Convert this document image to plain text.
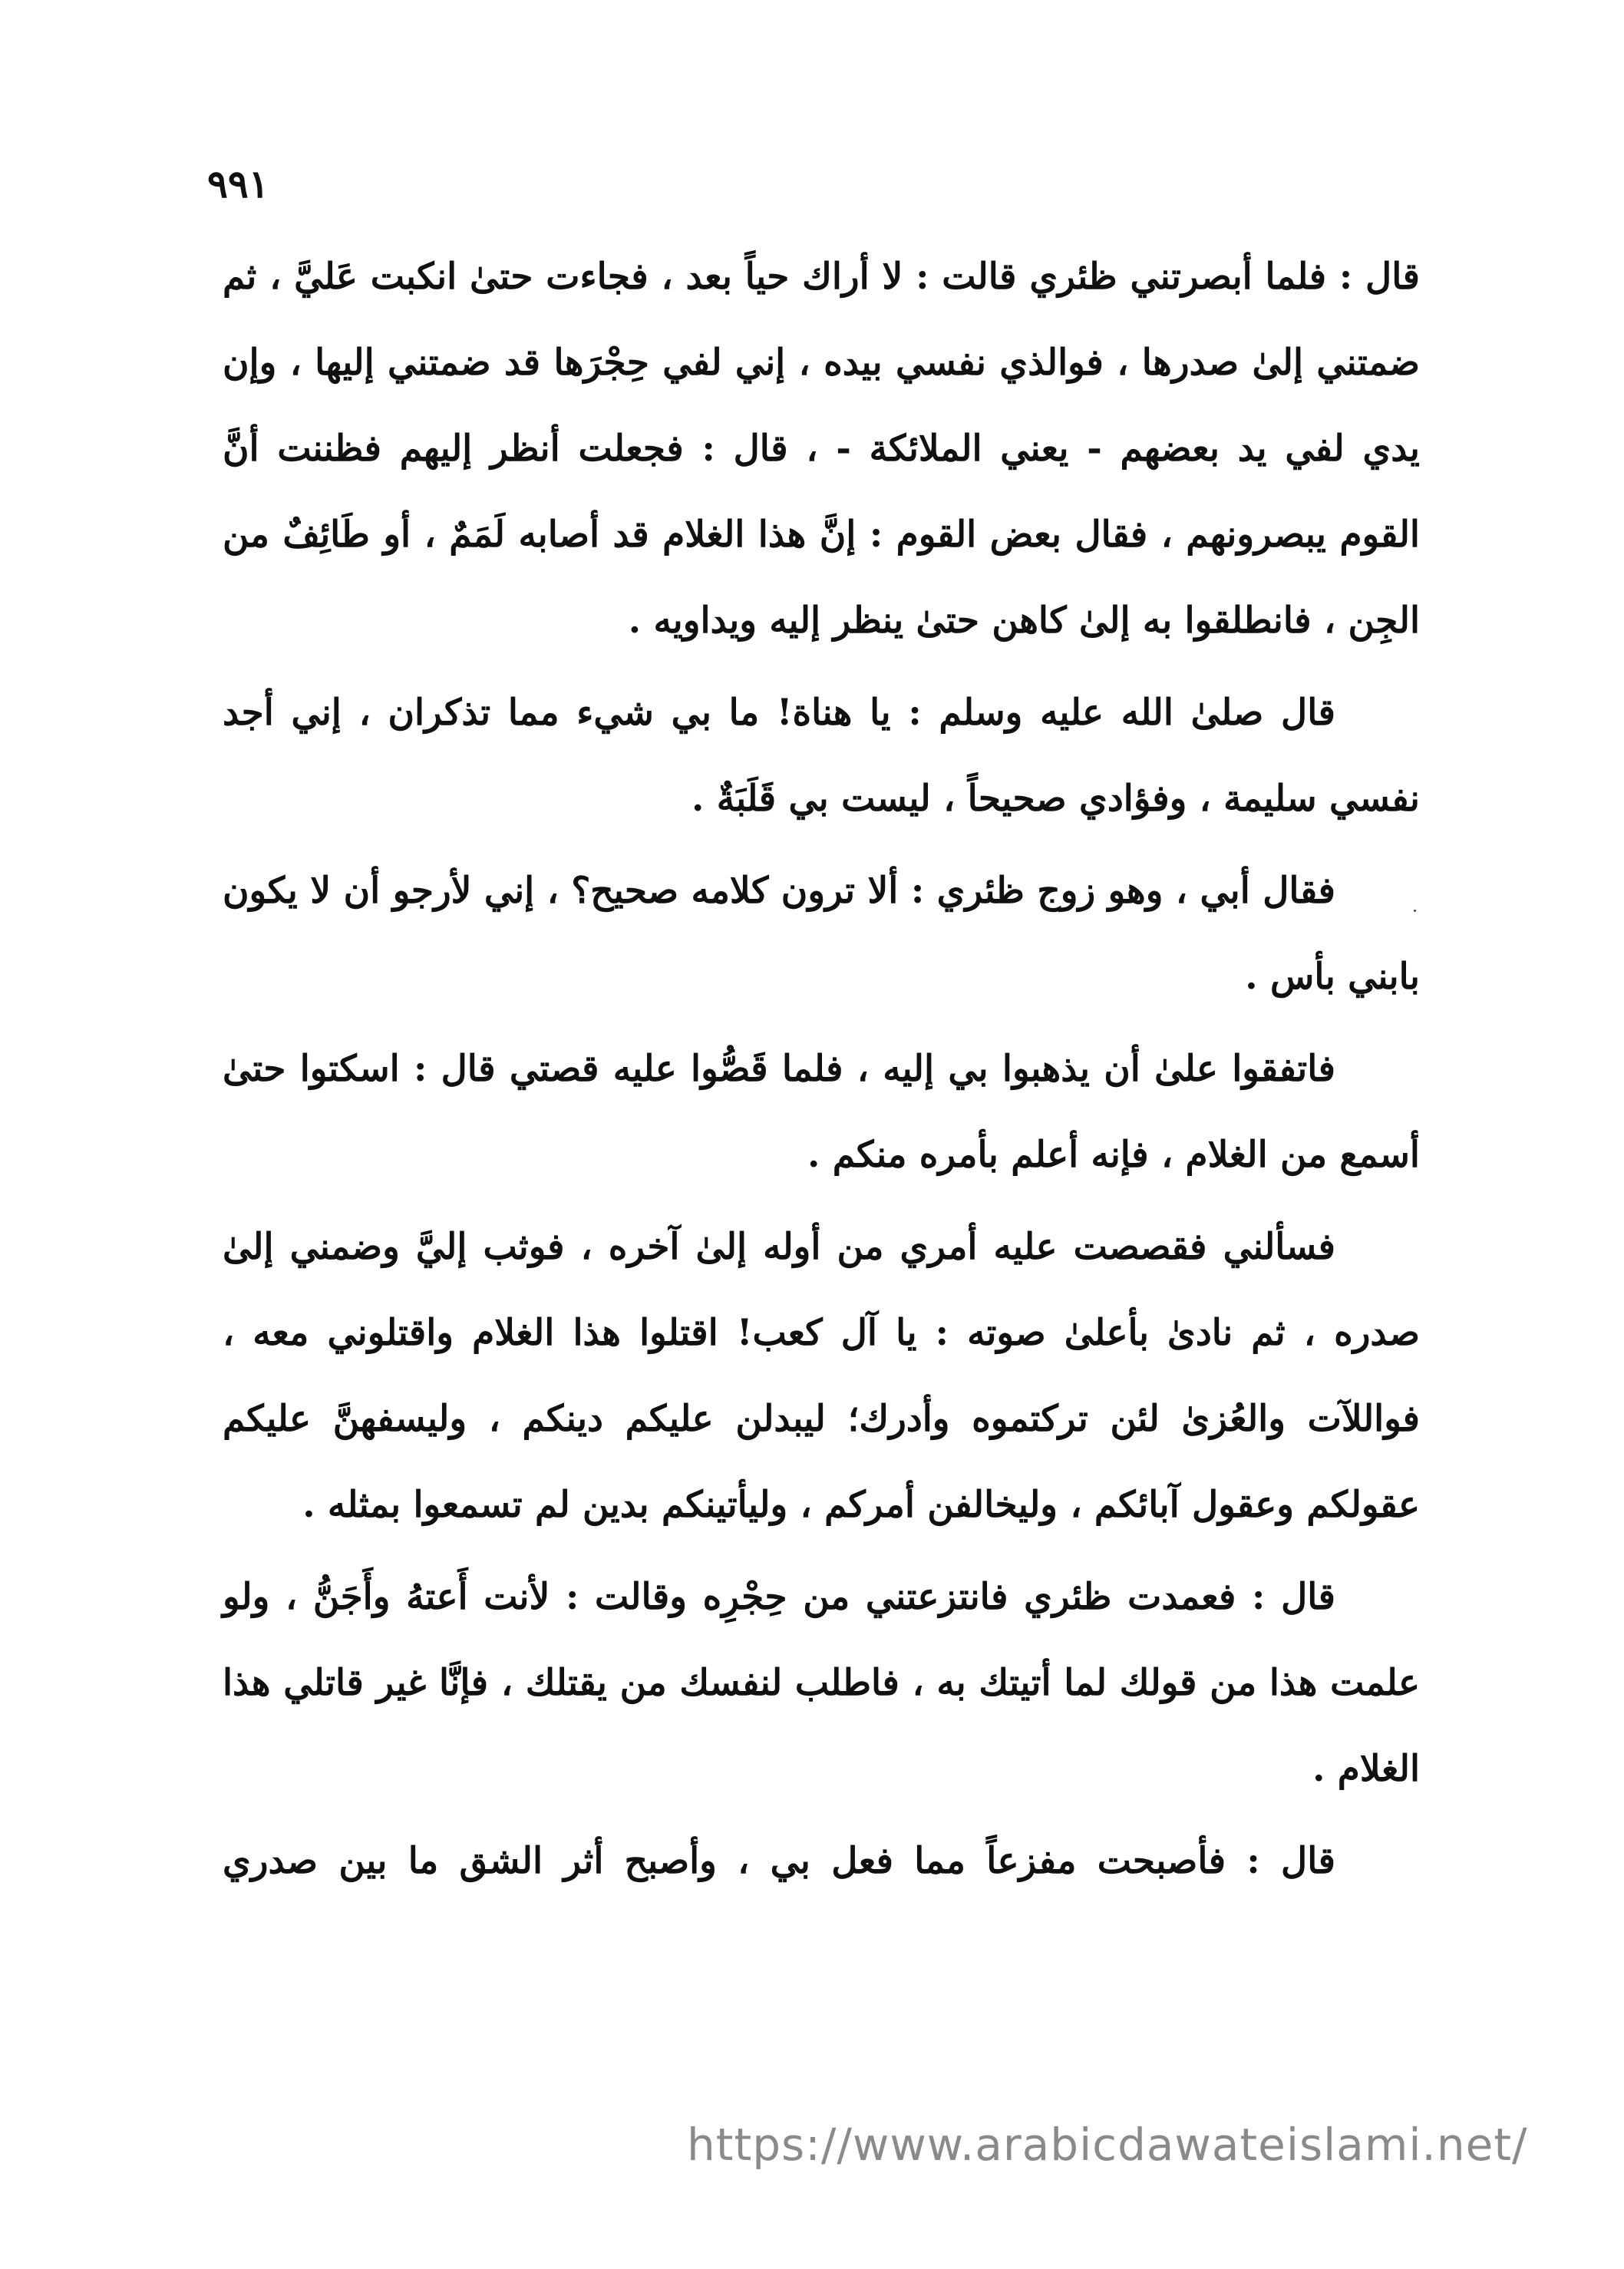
٩٩١

قال : فلما أبصرتني ظئري قالت : لا أراك حياً بعد ، فجاءت حتىٰ انكبت عَليَّ ، ثم ضمتني إلىٰ صدرها ، فوالذي نفسي بيده ، إني لفي حِجْرَها قد ضمتني إليها ، وإن يدي لفي يد بعضهم - يعني الملائكة - ، قال : فجعلت أنظر إليهم فظننت أنَّ القوم يبصرونهم ، فقال بعض القوم : إنَّ هذا الغلام قد أصابه لَمَمٌ ، أو طَائِفٌ من الجِن ، فانطلقوا به إلىٰ كاهن حتىٰ ينظر إليه ويداويه .

قال صلىٰ الله عليه وسلم : يا هناة! ما بي شيء مما تذكران ، إني أجد نفسي سليمة ، وفؤادي صحيحاً ، ليست بي قَلَبَةٌ .

فقال أبي ، وهو زوج ظئري : ألا ترون كلامه صحيح؟ ، إني لأرجو أن لا يكون بابني بأس .

فاتفقوا علىٰ أن يذهبوا بي إليه ، فلما قَصُّوا عليه قصتي قال : اسكتوا حتىٰ أسمع من الغلام ، فإنه أعلم بأمره منكم .

فسألني فقصصت عليه أمري من أوله إلىٰ آخره ، فوثب إليَّ وضمني إلىٰ صدره ، ثم نادىٰ بأعلىٰ صوته : يا آل كعب! اقتلوا هذا الغلام واقتلوني معه ، فواللآت والعُزىٰ لئن تركتموه وأدرك؛ ليبدلن عليكم دينكم ، وليسفهنَّ عليكم عقولكم وعقول آبائكم ، وليخالفن أمركم ، وليأتينكم بدين لم تسمعوا بمثله .

قال : فعمدت ظئري فانتزعتني من حِجْرِه وقالت : لأنت أَعتهُ وأَجَنُّ ، ولو علمت هذا من قولك لما أتيتك به ، فاطلب لنفسك من يقتلك ، فإنَّا غير قاتلي هذا الغلام .

قال : فأصبحت مفزعاً مما فعل بي ، وأصبح أثر الشق ما بين صدري

https://www.arabicdawateislami.net/
